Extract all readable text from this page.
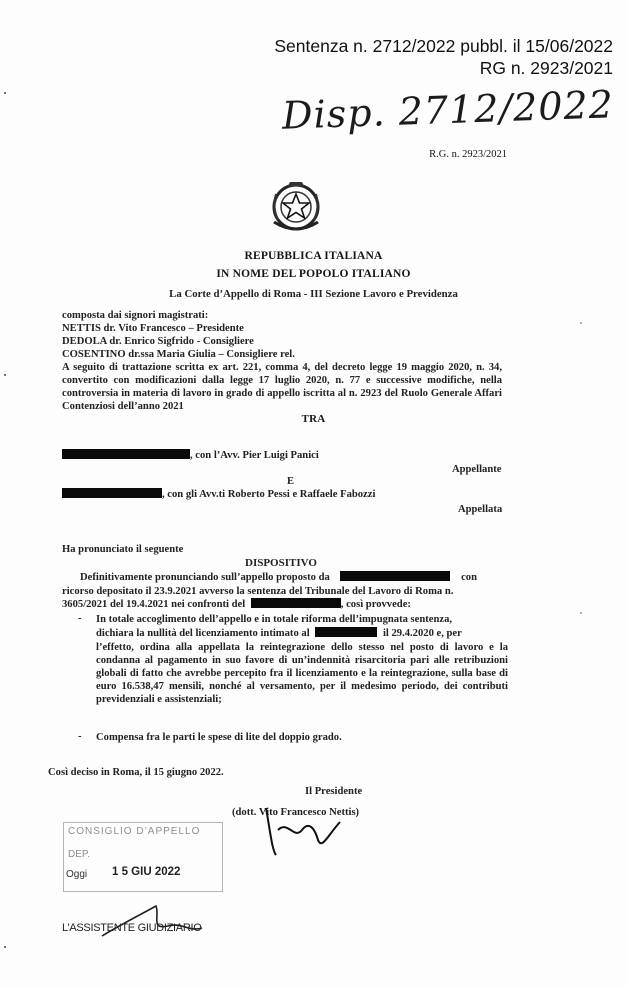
Sentenza n. 2712/2022 pubbl. il 15/06/2022
RG n. 2923/2021
Disp. 2712/2022
R.G. n. 2923/2021
REPUBBLICA ITALIANA
IN NOME DEL POPOLO ITALIANO
La Corte d’Appello di Roma - III Sezione Lavoro e Previdenza
composta dai signori magistrati:
NETTIS dr. Vito Francesco – Presidente
DEDOLA dr. Enrico Sigfrido - Consigliere
COSENTINO dr.ssa Maria Giulia – Consigliere rel.
A seguito di trattazione scritta ex art. 221, comma 4, del decreto legge 19 maggio 2020, n. 34, convertito con modificazioni dalla legge 17 luglio 2020, n. 77 e successive modifiche, nella controversia in materia di lavoro in grado di appello iscritta al n. 2923 del Ruolo Generale Affari Contenziosi dell’anno 2021
TRA
, con l’Avv. Pier Luigi Panici
Appellante
E
, con gli Avv.ti Roberto Pessi e Raffaele Fabozzi
Appellata
Ha pronunciato il seguente
DISPOSITIVO
Definitivamente pronunciando sull’appello proposto da	con
ricorso depositato il 23.9.2021 avverso la sentenza del Tribunale del Lavoro di Roma n.
3605/2021 del 19.4.2021 nei confronti del	, così provvede:
- In totale accoglimento dell’appello e in totale riforma dell’impugnata sentenza,
dichiara la nullità del licenziamento intimato al	il 29.4.2020 e, per
l’effetto, ordina alla appellata la reintegrazione dello stesso nel posto di lavoro e la condanna al pagamento in suo favore di un’indennità risarcitoria pari alle retribuzioni globali di fatto che avrebbe percepito fra il licenziamento e la reintegrazione, sulla base di euro 16.538,47 mensili, nonché al versamento, per il medesimo periodo, dei contributi previdenziali e assistenziali;
- Compensa fra le parti le spese di lite del doppio grado.
Così deciso in Roma, il 15 giugno 2022.
Il Presidente
(dott. Vito Francesco Nettis)
CONSIGLIO D’APPELLO
DEP.
Oggi 1 5 GIU 2022
L’ASSISTENTE GIUDIZIARIO
